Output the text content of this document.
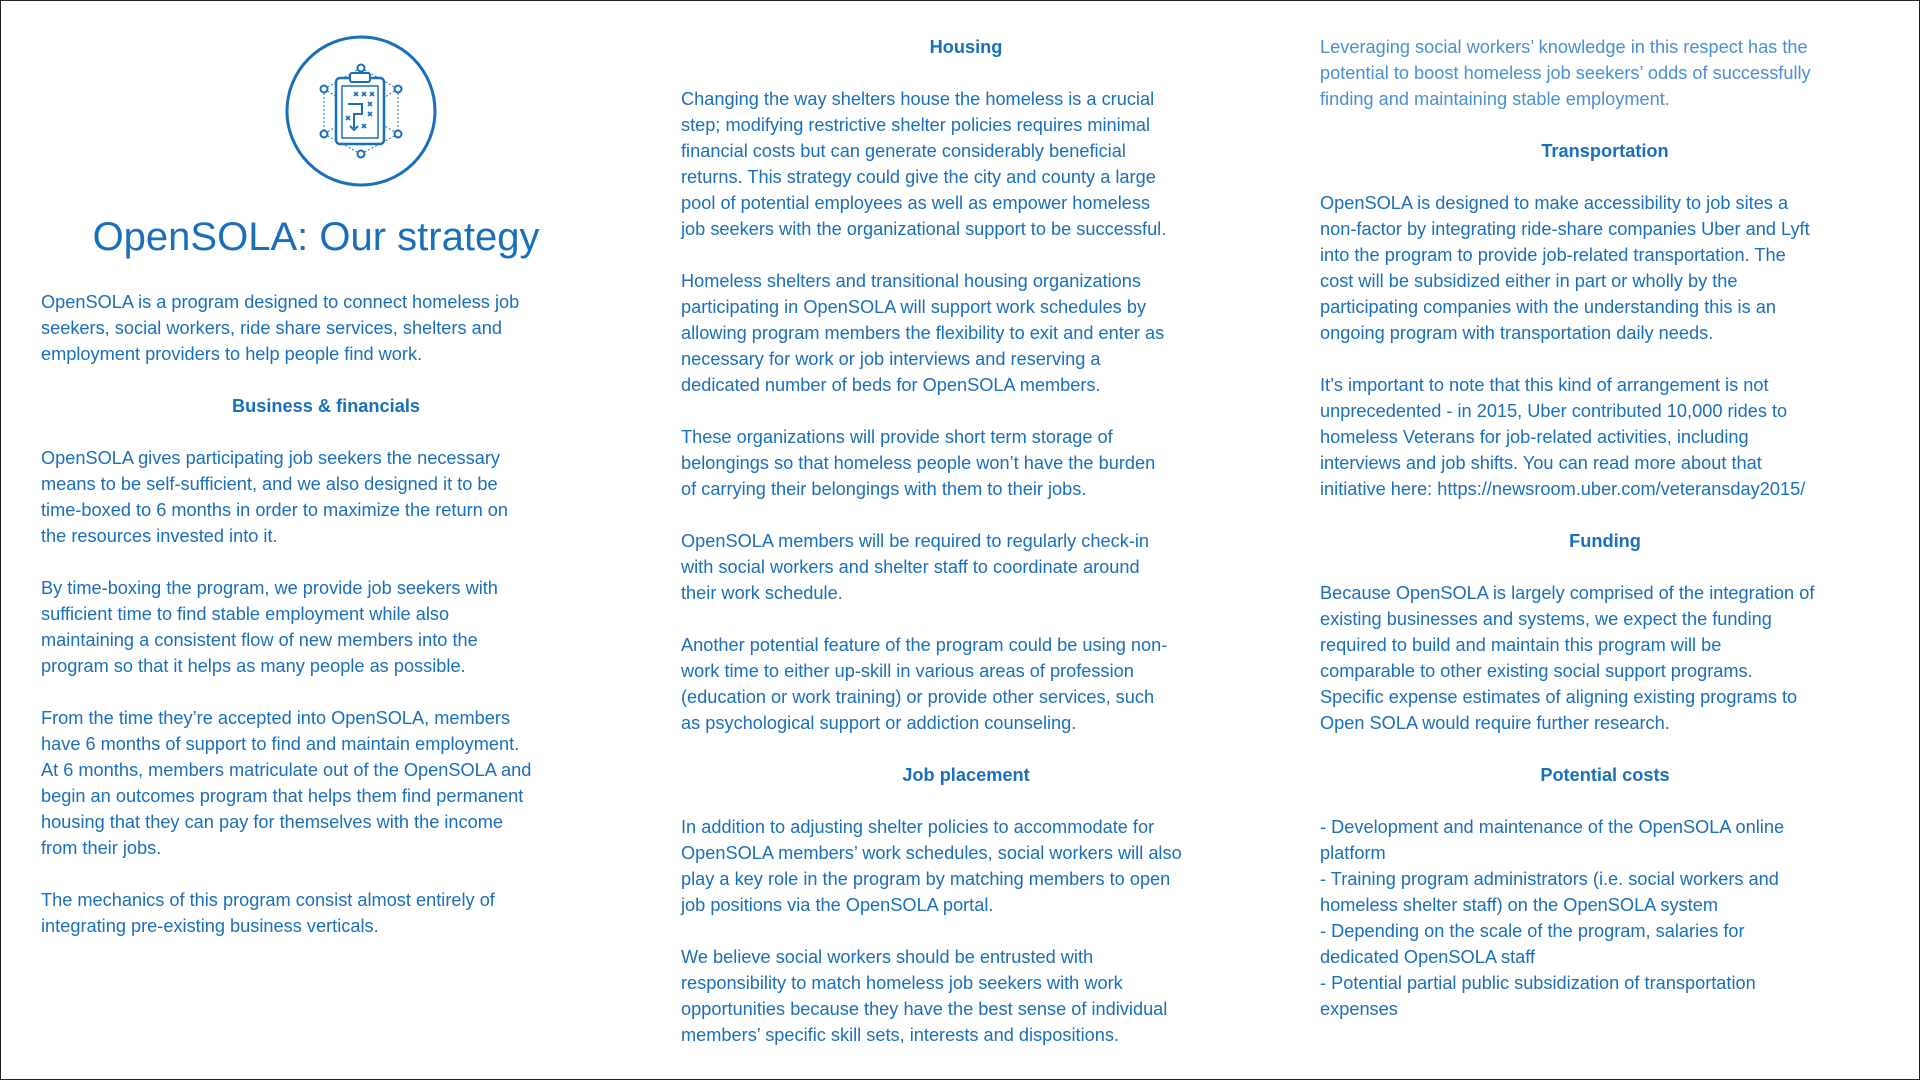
OpenSOLA: Our strategy

OpenSOLA is a program designed to connect homeless job
seekers, social workers, ride share services, shelters and
employment providers to help people find work.

Business & financials

OpenSOLA gives participating job seekers the necessary
means to be self-sufficient, and we also designed it to be
time-boxed to 6 months in order to maximize the return on
the resources invested into it.

By time-boxing the program, we provide job seekers with
sufficient time to find stable employment while also
maintaining a consistent flow of new members into the
program so that it helps as many people as possible.

From the time they’re accepted into OpenSOLA, members
have 6 months of support to find and maintain employment.
At 6 months, members matriculate out of the OpenSOLA and
begin an outcomes program that helps them find permanent
housing that they can pay for themselves with the income
from their jobs.

The mechanics of this program consist almost entirely of
integrating pre-existing business verticals.

Housing

Changing the way shelters house the homeless is a crucial
step; modifying restrictive shelter policies requires minimal
financial costs but can generate considerably beneficial
returns. This strategy could give the city and county a large
pool of potential employees as well as empower homeless
job seekers with the organizational support to be successful.

Homeless shelters and transitional housing organizations
participating in OpenSOLA will support work schedules by
allowing program members the flexibility to exit and enter as
necessary for work or job interviews and reserving a
dedicated number of beds for OpenSOLA members.

These organizations will provide short term storage of
belongings so that homeless people won’t have the burden
of carrying their belongings with them to their jobs.

OpenSOLA members will be required to regularly check-in
with social workers and shelter staff to coordinate around
their work schedule.

Another potential feature of the program could be using non-
work time to either up-skill in various areas of profession
(education or work training) or provide other services, such
as psychological support or addiction counseling.

Job placement

In addition to adjusting shelter policies to accommodate for
OpenSOLA members’ work schedules, social workers will also
play a key role in the program by matching members to open
job positions via the OpenSOLA portal.

We believe social workers should be entrusted with
responsibility to match homeless job seekers with work
opportunities because they have the best sense of individual
members’ specific skill sets, interests and dispositions.

Leveraging social workers’ knowledge in this respect has the
potential to boost homeless job seekers’ odds of successfully
finding and maintaining stable employment.

Transportation

OpenSOLA is designed to make accessibility to job sites a
non-factor by integrating ride-share companies Uber and Lyft
into the program to provide job-related transportation. The
cost will be subsidized either in part or wholly by the
participating companies with the understanding this is an
ongoing program with transportation daily needs.

It’s important to note that this kind of arrangement is not
unprecedented - in 2015, Uber contributed 10,000 rides to
homeless Veterans for job-related activities, including
interviews and job shifts. You can read more about that
initiative here: https://newsroom.uber.com/veteransday2015/

Funding

Because OpenSOLA is largely comprised of the integration of
existing businesses and systems, we expect the funding
required to build and maintain this program will be
comparable to other existing social support programs.
Specific expense estimates of aligning existing programs to
Open SOLA would require further research.

Potential costs

- Development and maintenance of the OpenSOLA online
platform
- Training program administrators (i.e. social workers and
homeless shelter staff) on the OpenSOLA system
- Depending on the scale of the program, salaries for
dedicated OpenSOLA staff
- Potential partial public subsidization of transportation
expenses
